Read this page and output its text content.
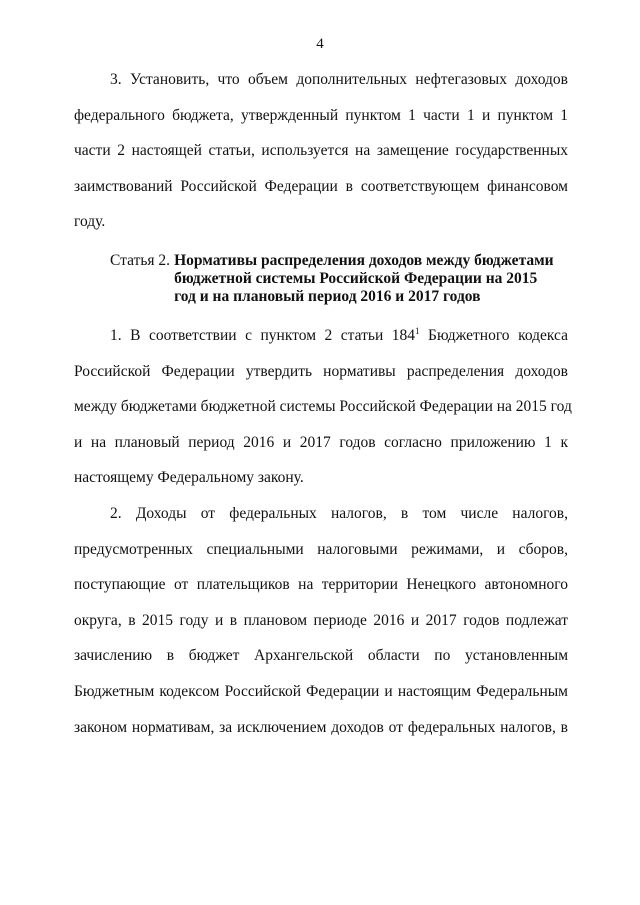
4

3. Установить, что объем дополнительных нефтегазовых доходов
федерального бюджета, утвержденный пунктом 1 части 1 и пунктом 1
части 2 настоящей статьи, используется на замещение государственных
заимствований Российской Федерации в соответствующем финансовом
году.

Статья 2. Нормативы распределения доходов между бюджетами
бюджетной системы Российской Федерации на 2015
год и на плановый период 2016 и 2017 годов

1. В соответствии с пунктом 2 статьи $184^1$ Бюджетного кодекса
Российской Федерации утвердить нормативы распределения доходов
между бюджетами бюджетной системы Российской Федерации на 2015 год
и на плановый период 2016 и 2017 годов согласно приложению 1 к
настоящему Федеральному закону.

2. Доходы от федеральных налогов, в том числе налогов,
предусмотренных специальными налоговыми режимами, и сборов,
поступающие от плательщиков на территории Ненецкого автономного
округа, в 2015 году и в плановом периоде 2016 и 2017 годов подлежат
зачислению в бюджет Архангельской области по установленным
Бюджетным кодексом Российской Федерации и настоящим Федеральным
законом нормативам, за исключением доходов от федеральных налогов, в
